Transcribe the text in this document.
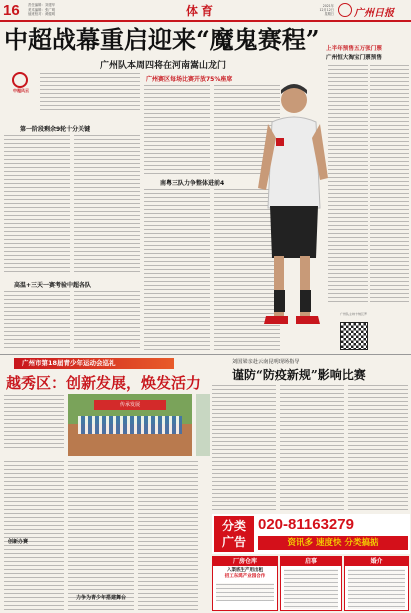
16 责任编辑：刘建华
美术编辑：张广明
值班校对：黄健明	体育	2021年
12月12日
星期日 广州日报
中超战幕重启迎来“魔鬼赛程”
广州队本周四将在河南嵩山龙门
中超风云
第一阶段剩余9轮十分关键
高温+三天一赛考验中超各队
广州赛区每场比赛开放75%座席
南粤三队力争整体进前4
广州队主帅卡纳瓦罗
上半年预售五万张门票
广州恒大淘宝门票预售
广州市第18届青少年运动会巡礼
越秀区：创新发展，焕发活力
传承发展
创新办赛
力争为青少年搭建舞台
刘国梁亲赴云南昆明现场指导
谨防“防疫新规”影响比赛
分类
广告
020-81163279
资讯多 速度快 分类搞掂
厂房仓库
入渠底生产用出租
招工东鸿产业园合作
启事	婚介
